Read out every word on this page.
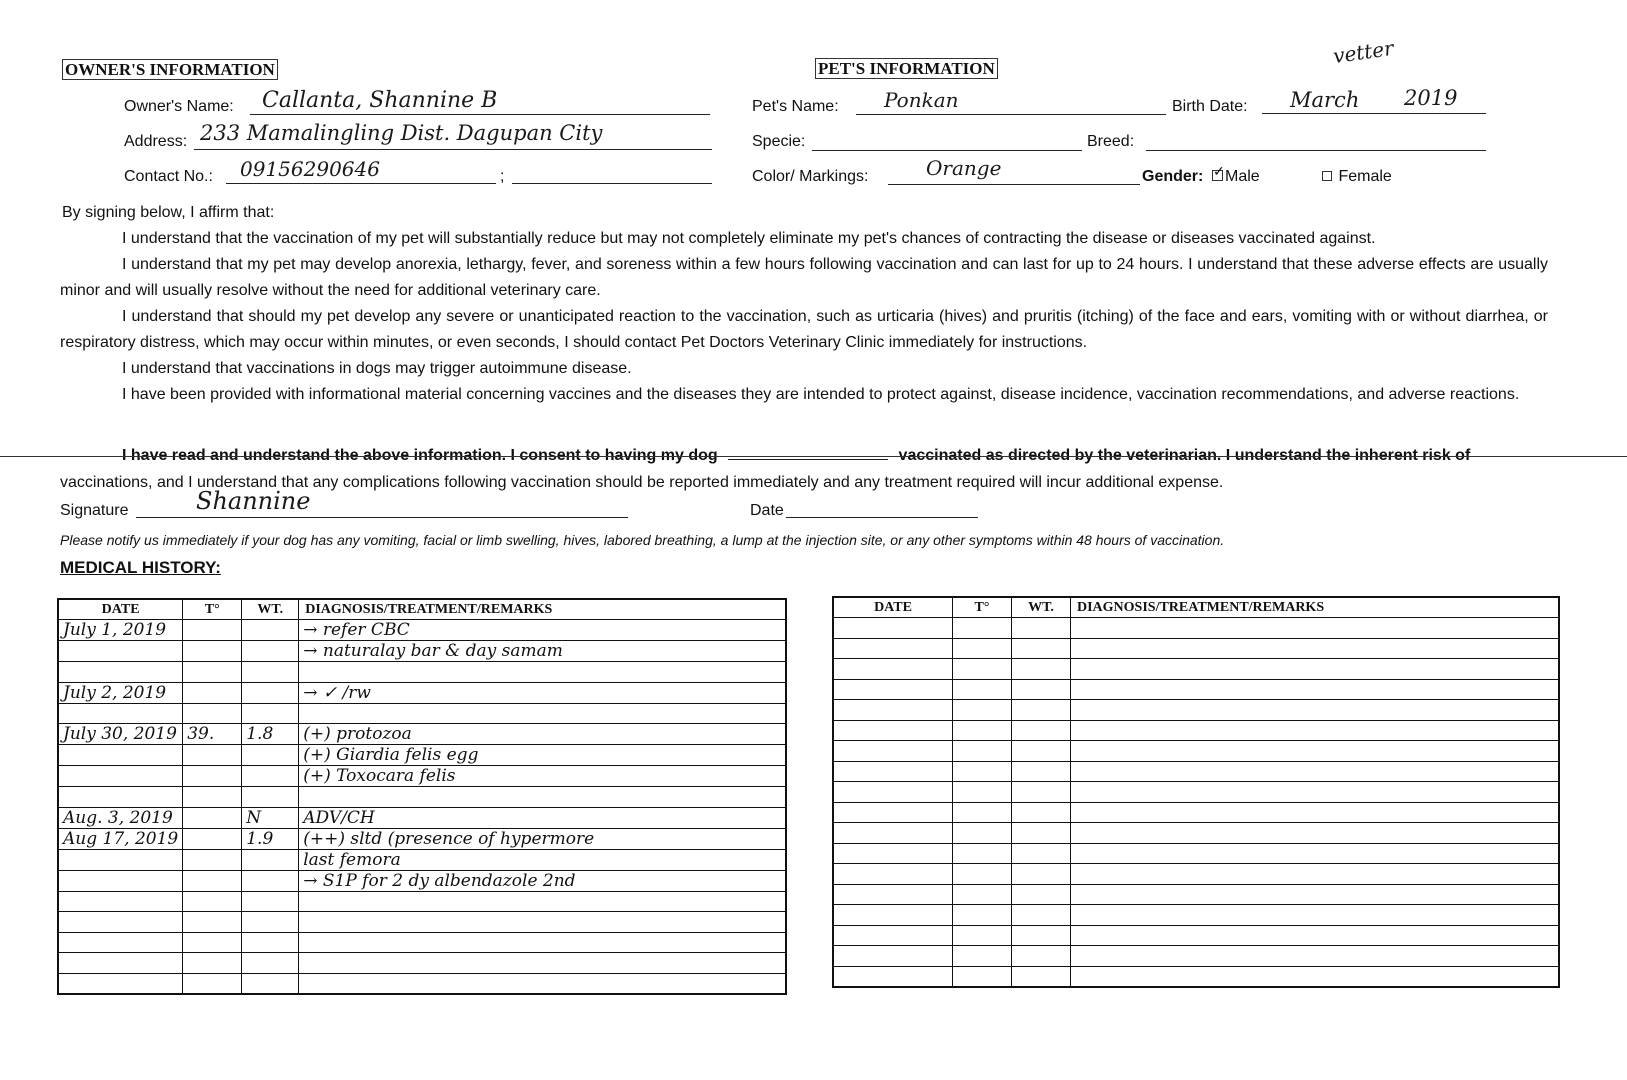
OWNER'S INFORMATION
Owner's Name: Callanta, Shannine B
Address: 233 Mamalingling Dist. Dagupan City
Contact No.: 09156290646	;
PET'S INFORMATION
vetter
Pet's Name: Ponkan	Birth Date: March 2019
Specie:	Breed:
Color/ Markings:	Orange	Gender: ✓ Male	Female
By signing below, I affirm that:

I understand that the vaccination of my pet will substantially reduce but may not completely eliminate my pet's chances of contracting the disease or diseases vaccinated against.

I understand that my pet may develop anorexia, lethargy, fever, and soreness within a few hours following vaccination and can last for up to 24 hours. I understand that these adverse effects are usually minor and will usually resolve without the need for additional veterinary care.

I understand that should my pet develop any severe or unanticipated reaction to the vaccination, such as urticaria (hives) and pruritis (itching) of the face and ears, vomiting with or without diarrhea, or respiratory distress, which may occur within minutes, or even seconds, I should contact Pet Doctors Veterinary Clinic immediately for instructions.

I understand that vaccinations in dogs may trigger autoimmune disease.

I have been provided with informational material concerning vaccines and the diseases they are intended to protect against, disease incidence, vaccination recommendations, and adverse reactions.

I have read and understand the above information. I consent to having my dog	vaccinated as directed by the veterinarian. I understand the inherent risk of
vaccinations, and I understand that any complications following vaccination should be reported immediately and any treatment required will incur additional expense.
Signature	Shannine	Date
Please notify us immediately if your dog has any vomiting, facial or limb swelling, hives, labored breathing, a lump at the injection site, or any other symptoms within 48 hours of vaccination.
MEDICAL HISTORY:
DATE	T°	WT.	DIAGNOSIS/TREATMENT/REMARKS
July 1, 2019			→ refer CBC
			→ naturalay bar & day samam

July 2, 2019			→ ✓ /rw

July 30, 2019	39.	1.8	(+) protozoa
			(+) Giardia felis egg
			(+) Toxocara felis

Aug. 3, 2019		N	ADV/CH
Aug 17, 2019		1.9	(++) sltd (presence of hypermore
			last femora
			→ S1P for 2 dy albendazole 2nd

DATE	T°	WT.	DIAGNOSIS/TREATMENT/REMARKS
